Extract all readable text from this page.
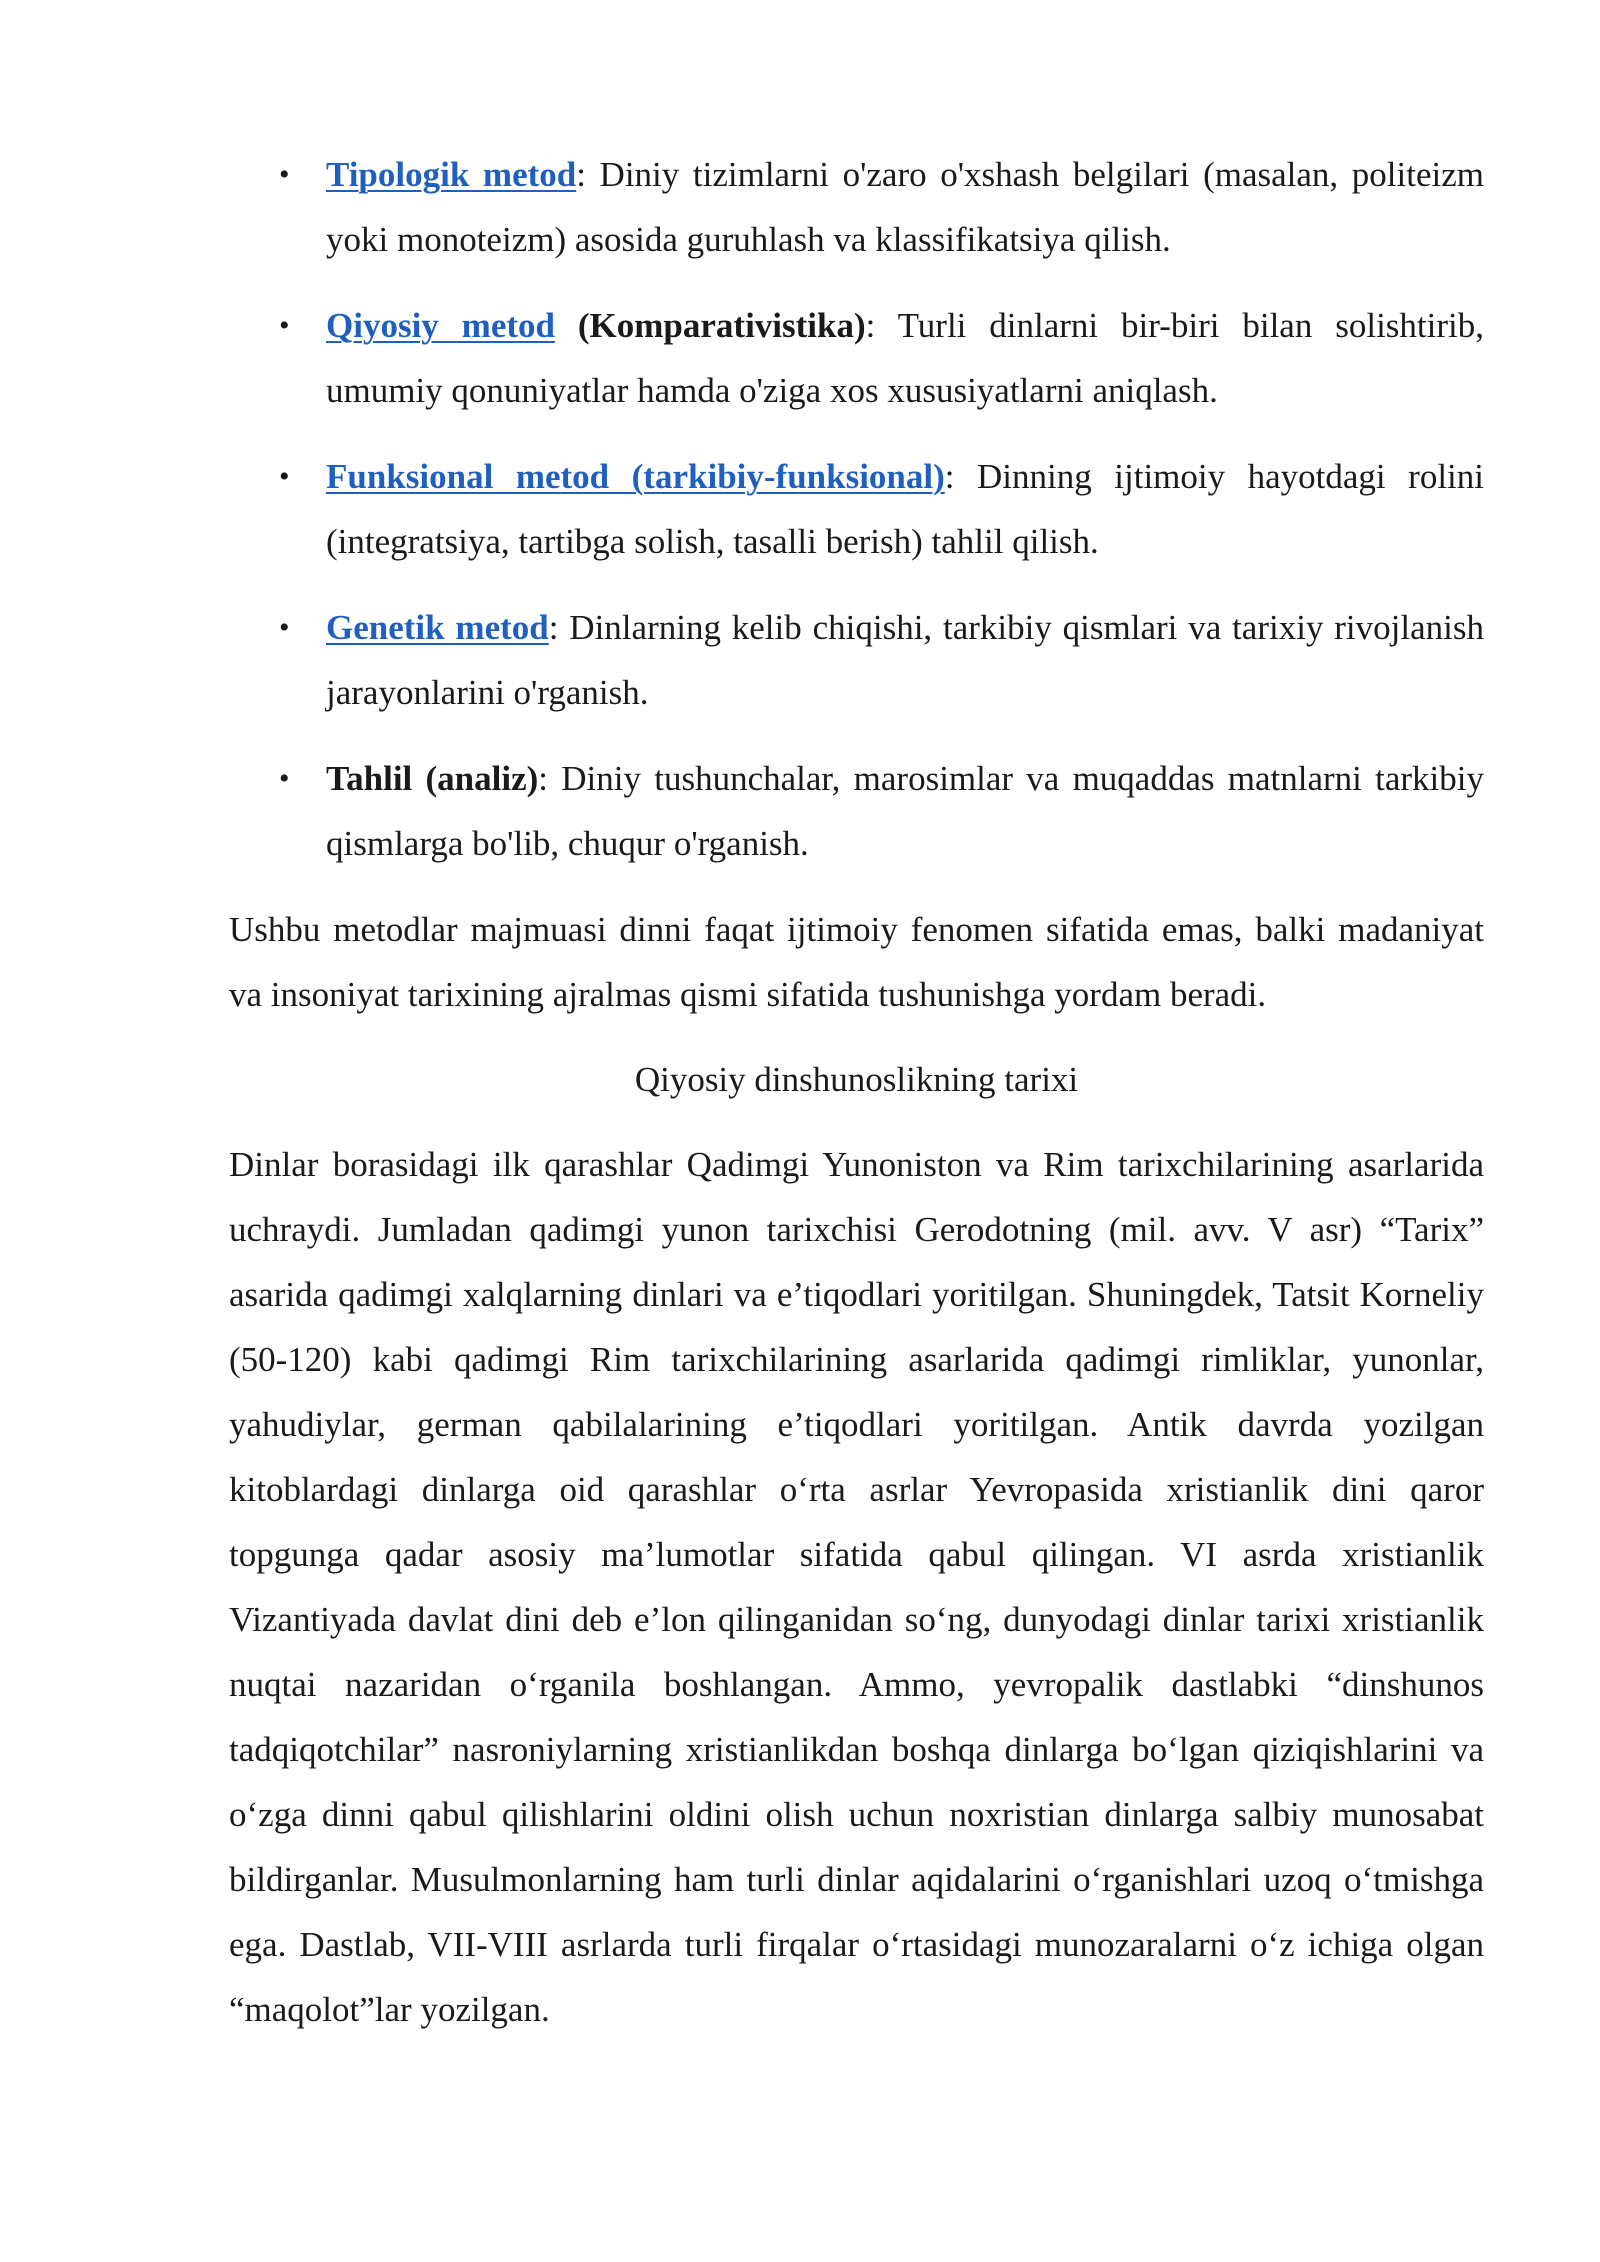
• Tipologik metod: Diniy tizimlarni o'zaro o'xshash belgilari (masalan, politeizm yoki monoteizm) asosida guruhlash va klassifikatsiya qilish.
• Qiyosiy metod (Komparativistika): Turli dinlarni bir-biri bilan solishtirib, umumiy qonuniyatlar hamda o'ziga xos xususiyatlarni aniqlash.
• Funksional metod (tarkibiy-funksional): Dinning ijtimoiy hayotdagi rolini (integratsiya, tartibga solish, tasalli berish) tahlil qilish.
• Genetik metod: Dinlarning kelib chiqishi, tarkibiy qismlari va tarixiy rivojlanish jarayonlarini o'rganish.
• Tahlil (analiz): Diniy tushunchalar, marosimlar va muqaddas matnlarni tarkibiy qismlarga bo'lib, chuqur o'rganish.

Ushbu metodlar majmuasi dinni faqat ijtimoiy fenomen sifatida emas, balki madaniyat va insoniyat tarixining ajralmas qismi sifatida tushunishga yordam beradi.

Qiyosiy dinshunoslikning tarixi

Dinlar borasidagi ilk qarashlar Qadimgi Yunoniston va Rim tarixchilarining asarlarida uchraydi. Jumladan qadimgi yunon tarixchisi Gerodotning (mil. avv. V asr) “Tarix” asarida qadimgi xalqlarning dinlari va e’tiqodlari yoritilgan. Shuningdek, Tatsit Korneliy (50-120) kabi qadimgi Rim tarixchilarining asarlarida qadimgi rimliklar, yunonlar, yahudiylar, german qabilalarining e’tiqodlari yoritilgan. Antik davrda yozilgan kitoblardagi dinlarga oid qarashlar o‘rta asrlar Yevropasida xristianlik dini qaror topgunga qadar asosiy ma’lumotlar sifatida qabul qilingan. VI asrda xristianlik Vizantiyada davlat dini deb e’lon qilinganidan so‘ng, dunyodagi dinlar tarixi xristianlik nuqtai nazaridan o‘rganila boshlangan. Ammo, yevropalik dastlabki “dinshunos tadqiqotchilar” nasroniylarning xristianlikdan boshqa dinlarga bo‘lgan qiziqishlarini va o‘zga dinni qabul qilishlarini oldini olish uchun noxristian dinlarga salbiy munosabat bildirganlar. Musulmonlarning ham turli dinlar aqidalarini o‘rganishlari uzoq o‘tmishga ega. Dastlab, VII-VIII asrlarda turli firqalar o‘rtasidagi munozaralarni o‘z ichiga olgan “maqolot”lar yozilgan.
